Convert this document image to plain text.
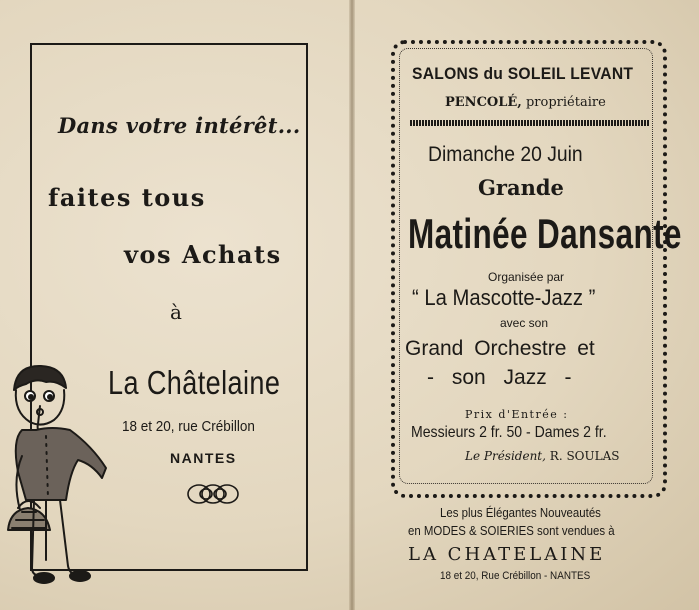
Dans votre intérêt...
faites tous
vos Achats
à
La Châtelaine
18 et 20, rue Crébillon
NANTES
SALONS du SOLEIL LEVANT
PENCOLÉ, propriétaire
Dimanche 20 Juin
Grande
Matinée Dansante
Organisée par
“ La Mascotte-Jazz ”
avec son
Grand Orchestre et
- son Jazz -
Prix d'Entrée :
Messieurs 2 fr. 50 - Dames 2 fr.
Le Président, R. SOULAS
Les plus Élégantes Nouveautés
en MODES & SOIERIES sont vendues à
LA CHATELAINE
18 et 20, Rue Crébillon - NANTES
